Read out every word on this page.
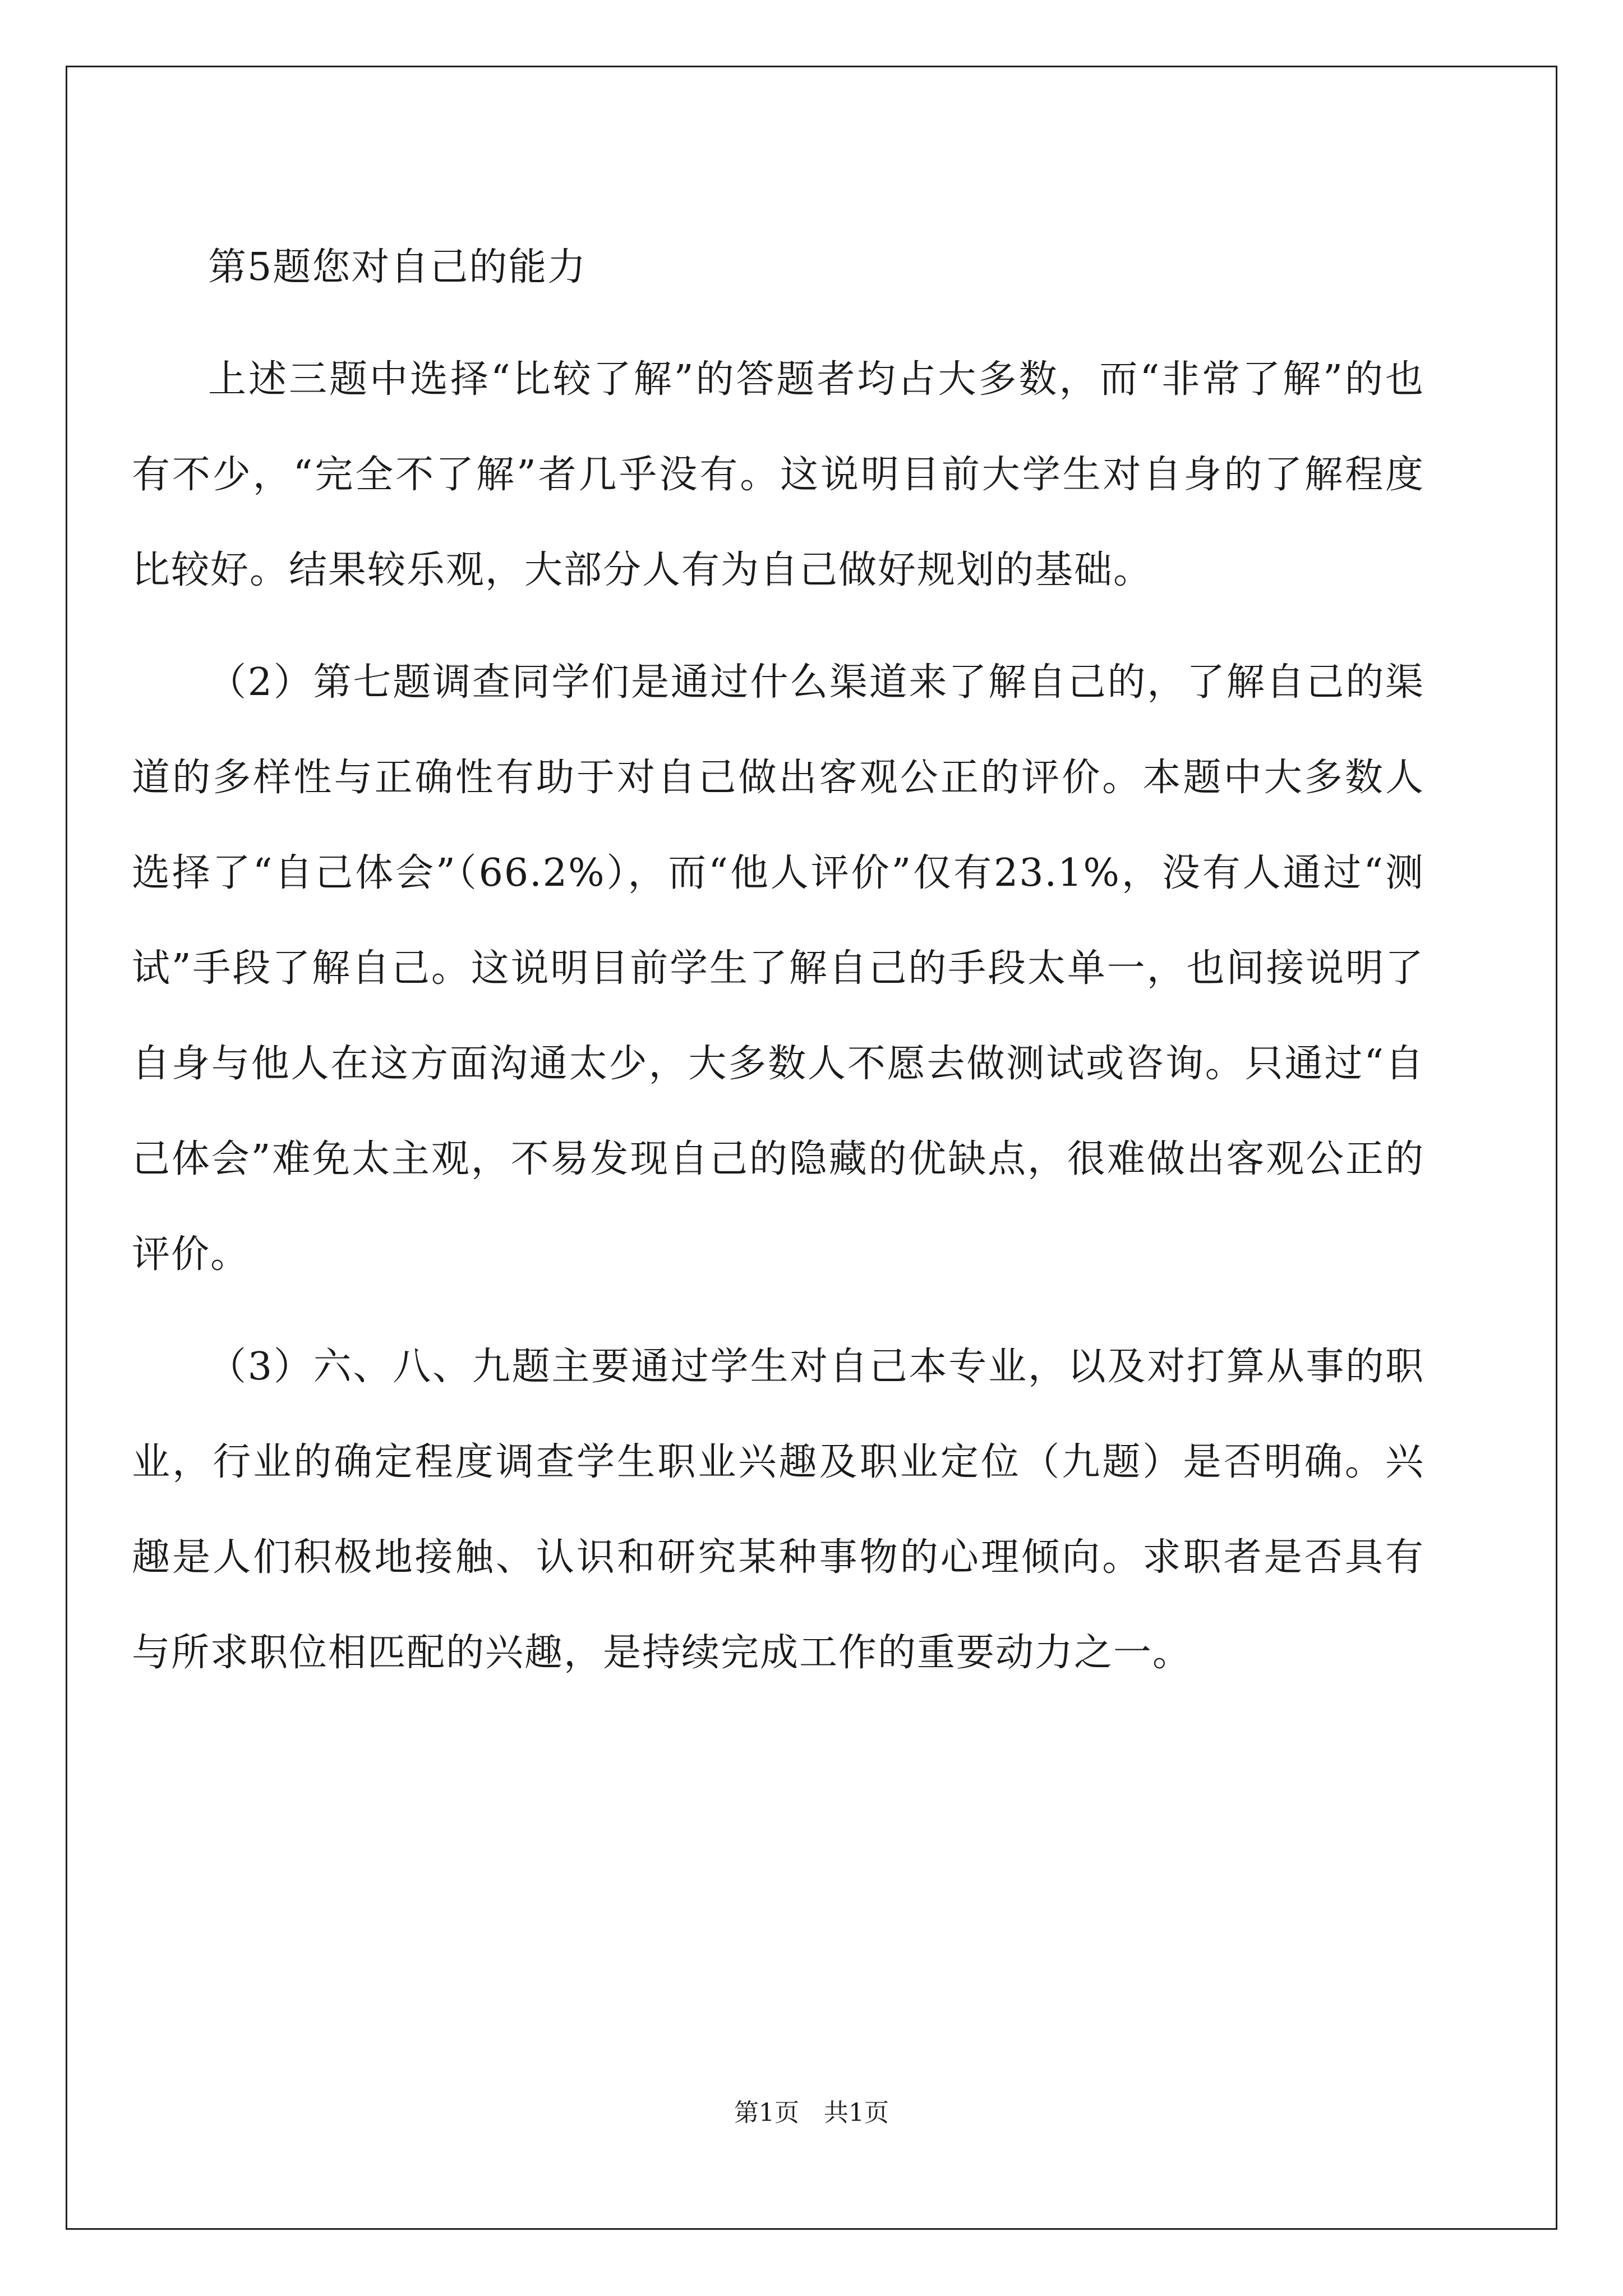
第5题您对自己的能力

上述三题中选择“比较了解”的答题者均占大多数，而“非常了解”的也有不少，“完全不了解”者几乎没有。这说明目前大学生对自身的了解程度比较好。结果较乐观，大部分人有为自己做好规划的基础。

（2）第七题调查同学们是通过什么渠道来了解自己的，了解自己的渠道的多样性与正确性有助于对自己做出客观公正的评价。本题中大多数人选择了“自己体会”（66.2%），而“他人评价”仅有23.1%，没有人通过“测试”手段了解自己。这说明目前学生了解自己的手段太单一，也间接说明了自身与他人在这方面沟通太少，大多数人不愿去做测试或咨询。只通过“自己体会”难免太主观，不易发现自己的隐藏的优缺点，很难做出客观公正的评价。

（3）六、八、九题主要通过学生对自己本专业，以及对打算从事的职业，行业的确定程度调查学生职业兴趣及职业定位（九题）是否明确。兴趣是人们积极地接触、认识和研究某种事物的心理倾向。求职者是否具有与所求职位相匹配的兴趣，是持续完成工作的重要动力之一。

第1页　共1页
